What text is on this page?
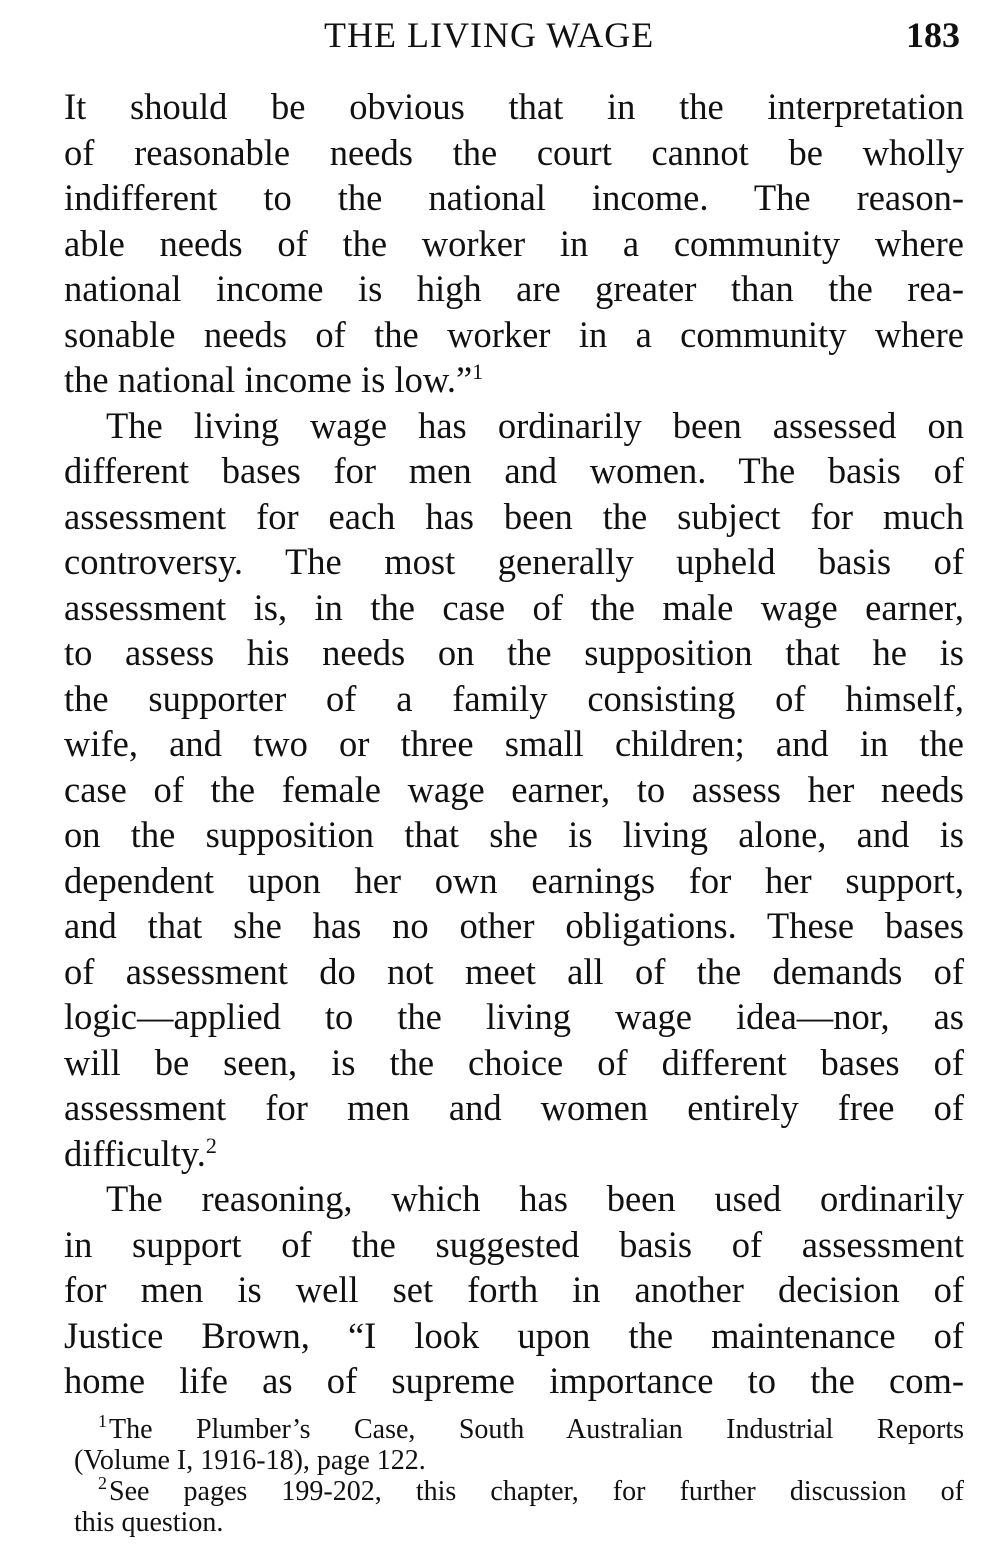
THE LIVING WAGE	183

It should be obvious that in the interpretation
of reasonable needs the court cannot be wholly
indifferent to the national income. The reason-
able needs of the worker in a community where
national income is high are greater than the rea-
sonable needs of the worker in a community where
the national income is low.”$^1$

The living wage has ordinarily been assessed on
different bases for men and women. The basis of
assessment for each has been the subject for much
controversy. The most generally upheld basis of
assessment is, in the case of the male wage earner,
to assess his needs on the supposition that he is
the supporter of a family consisting of himself,
wife, and two or three small children; and in the
case of the female wage earner, to assess her needs
on the supposition that she is living alone, and is
dependent upon her own earnings for her support,
and that she has no other obligations. These bases
of assessment do not meet all of the demands of
logic—applied to the living wage idea—nor, as
will be seen, is the choice of different bases of
assessment for men and women entirely free of
difficulty.$^2$

The reasoning, which has been used ordinarily
in support of the suggested basis of assessment
for men is well set forth in another decision of
Justice Brown, “I look upon the maintenance of
home life as of supreme importance to the com-

$^1$The Plumber’s Case, South Australian Industrial Reports
(Volume I, 1916-18), page 122.

$^2$See pages 199-202, this chapter, for further discussion of
this question.
